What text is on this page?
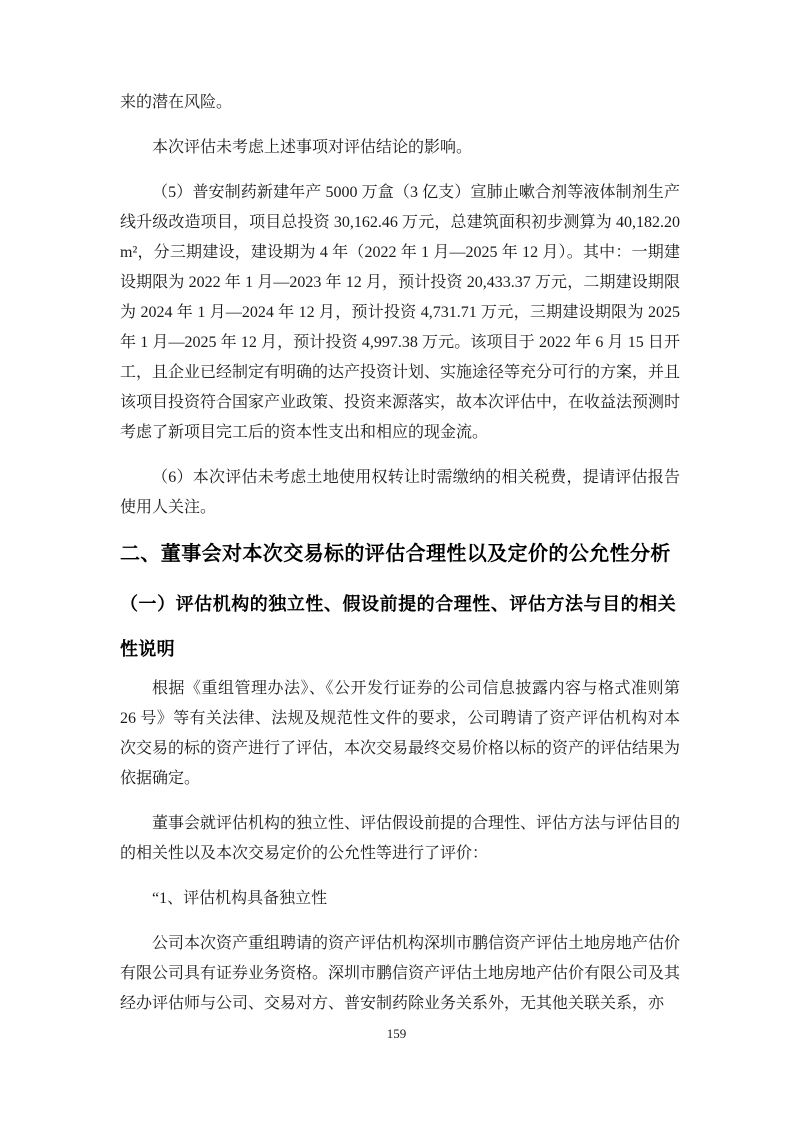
来的潜在风险。

本次评估未考虑上述事项对评估结论的影响。

（5）普安制药新建年产 5000 万盒（3 亿支）宣肺止嗽合剂等液体制剂生产线升级改造项目，项目总投资 30,162.46 万元，总建筑面积初步测算为 40,182.20 m²，分三期建设，建设期为 4 年（2022 年 1 月—2025 年 12 月）。其中：一期建设期限为 2022 年 1 月—2023 年 12 月，预计投资 20,433.37 万元，二期建设期限为 2024 年 1 月—2024 年 12 月，预计投资 4,731.71 万元，三期建设期限为 2025 年 1 月—2025 年 12 月，预计投资 4,997.38 万元。该项目于 2022 年 6 月 15 日开工，且企业已经制定有明确的达产投资计划、实施途径等充分可行的方案，并且该项目投资符合国家产业政策、投资来源落实，故本次评估中，在收益法预测时考虑了新项目完工后的资本性支出和相应的现金流。

（6）本次评估未考虑土地使用权转让时需缴纳的相关税费，提请评估报告使用人关注。

二、董事会对本次交易标的评估合理性以及定价的公允性分析
（一）评估机构的独立性、假设前提的合理性、评估方法与目的相关性说明

根据《重组管理办法》、《公开发行证券的公司信息披露内容与格式准则第 26 号》等有关法律、法规及规范性文件的要求，公司聘请了资产评估机构对本次交易的标的资产进行了评估，本次交易最终交易价格以标的资产的评估结果为依据确定。

董事会就评估机构的独立性、评估假设前提的合理性、评估方法与评估目的的相关性以及本次交易定价的公允性等进行了评价：

“1、评估机构具备独立性

公司本次资产重组聘请的资产评估机构深圳市鹏信资产评估土地房地产估价有限公司具有证券业务资格。深圳市鹏信资产评估土地房地产估价有限公司及其经办评估师与公司、交易对方、普安制药除业务关系外，无其他关联关系，亦

159
